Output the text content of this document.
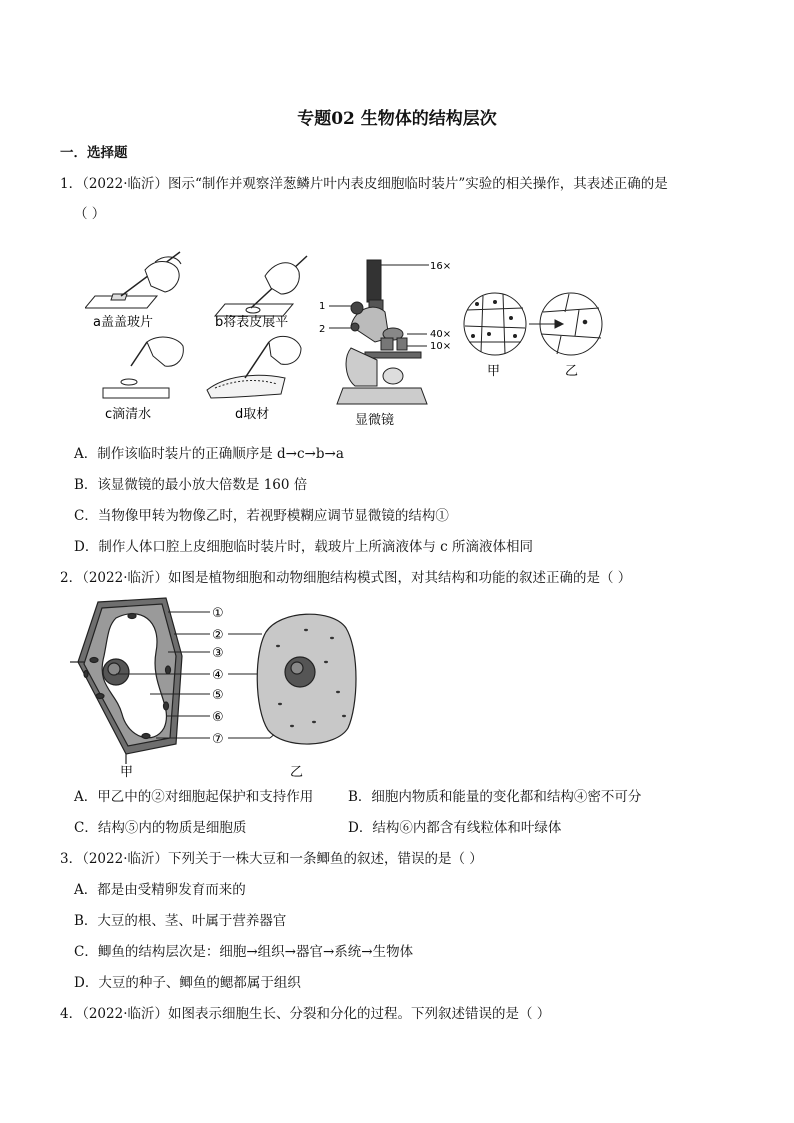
专题02 生物体的结构层次
一．选择题
1．（2022·临沂）图示“制作并观察洋葱鳞片叶内表皮细胞临时装片”实验的相关操作，其表述正确的是
（ ）
a盖盖玻片	b将表皮展平
c滴清水	d取材
16×
1
2	40×
10×
显微镜
甲	乙
A．制作该临时装片的正确顺序是 d→c→b→a
B．该显微镜的最小放大倍数是 160 倍
C．当物像甲转为物像乙时，若视野模糊应调节显微镜的结构①
D．制作人体口腔上皮细胞临时装片时，载玻片上所滴液体与 c 所滴液体相同
2．（2022·临沂）如图是植物细胞和动物细胞结构模式图，对其结构和功能的叙述正确的是（ ）
①
②
③
④
⑤
⑥
⑦
甲	乙
A．甲乙中的②对细胞起保护和支持作用	B．细胞内物质和能量的变化都和结构④密不可分
C．结构⑤内的物质是细胞质	D．结构⑥内都含有线粒体和叶绿体
3．（2022·临沂）下列关于一株大豆和一条鲫鱼的叙述，错误的是（ ）
A．都是由受精卵发育而来的
B．大豆的根、茎、叶属于营养器官
C．鲫鱼的结构层次是：细胞→组织→器官→系统→生物体
D．大豆的种子、鲫鱼的鳃都属于组织
4．（2022·临沂）如图表示细胞生长、分裂和分化的过程。下列叙述错误的是（ ）
